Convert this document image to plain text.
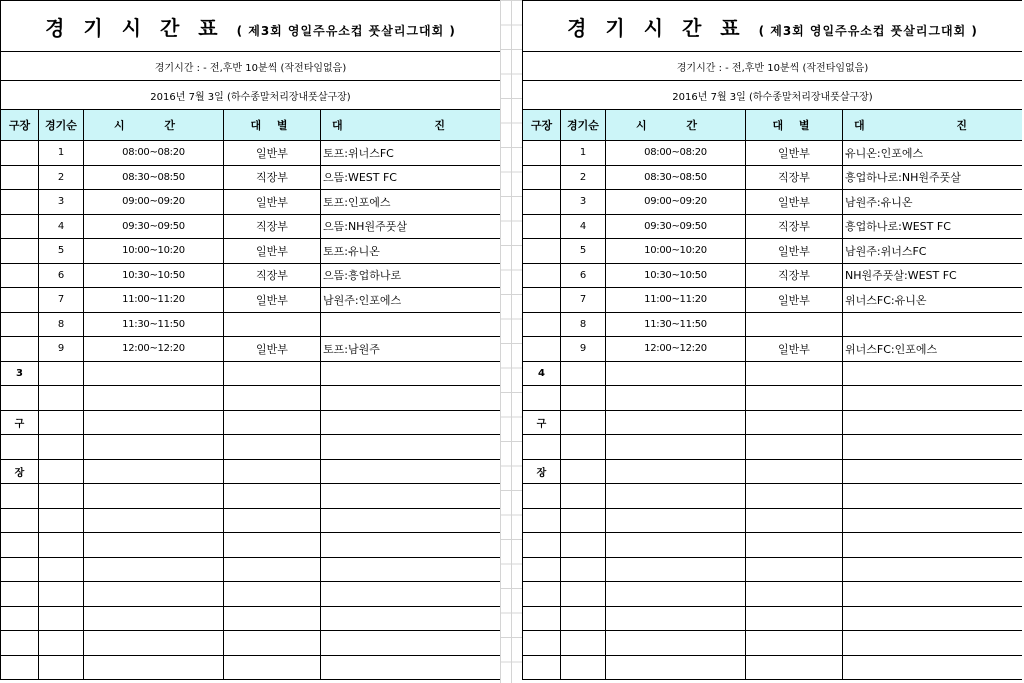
경 기 시 간 표 ( 제3회 영일주유소컵 풋살리그대회 )				
경기시간 : - 전,후반 10분씩 (작전타임없음)				
2016년 7월 3일 (하수종말처리장내풋살구장)				
구장	경기순	시 간	대 별	대 진
	1	08:00~08:20	일반부	토프:위너스FC
	2	08:30~08:50	직장부	으뜸:WEST FC
	3	09:00~09:20	일반부	토프:인포에스
	4	09:30~09:50	직장부	으뜸:NH원주풋살
	5	10:00~10:20	일반부	토프:유니온
	6	10:30~10:50	직장부	으뜸:흥업하나로
	7	11:00~11:20	일반부	남원주:인포에스
	8	11:30~11:50		
	9	12:00~12:20	일반부	토프:남원주
3				

구				

장				

경 기 시 간 표 ( 제3회 영일주유소컵 풋살리그대회 )				
경기시간 : - 전,후반 10분씩 (작전타임없음)				
2016년 7월 3일 (하수종말처리장내풋살구장)				
구장	경기순	시 간	대 별	대 진
	1	08:00~08:20	일반부	유니온:인포에스
	2	08:30~08:50	직장부	흥업하나로:NH원주풋살
	3	09:00~09:20	일반부	남원주:유니온
	4	09:30~09:50	직장부	흥업하나로:WEST FC
	5	10:00~10:20	일반부	남원주:위너스FC
	6	10:30~10:50	직장부	NH원주풋살:WEST FC
	7	11:00~11:20	일반부	위너스FC:유니온
	8	11:30~11:50		
	9	12:00~12:20	일반부	위너스FC:인포에스
4				

구				

장				
